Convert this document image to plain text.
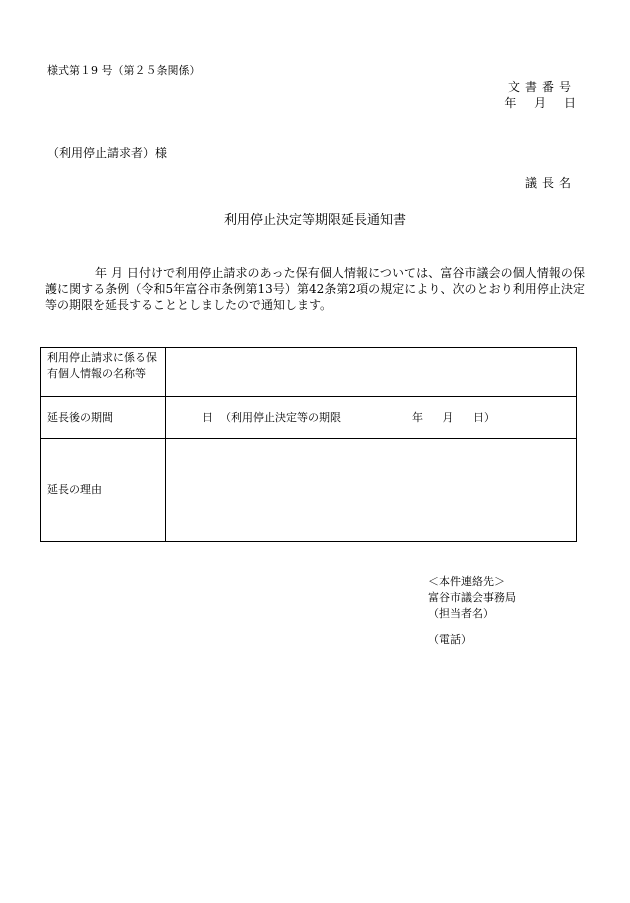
様式第１9 号（第２５条関係）
文書番号
年 月 日
（利用停止請求者）様
議長名
利用停止決定等期限延長通知書
年 月 日付けで利用停止請求のあった保有個人情報については、富谷市議会の個人情報の保護に関する条例（令和5年富谷市条例第13号）第42条第2項の規定により、次のとおり利用停止決定等の期限を延長することとしましたので通知します。
利用停止請求に係る保有個人情報の名称等	
延長後の期間	日 （利用停止決定等の期限 年 月 日）
延長の理由	
＜本件連絡先＞
富谷市議会事務局
（担当者名）
（電話）
